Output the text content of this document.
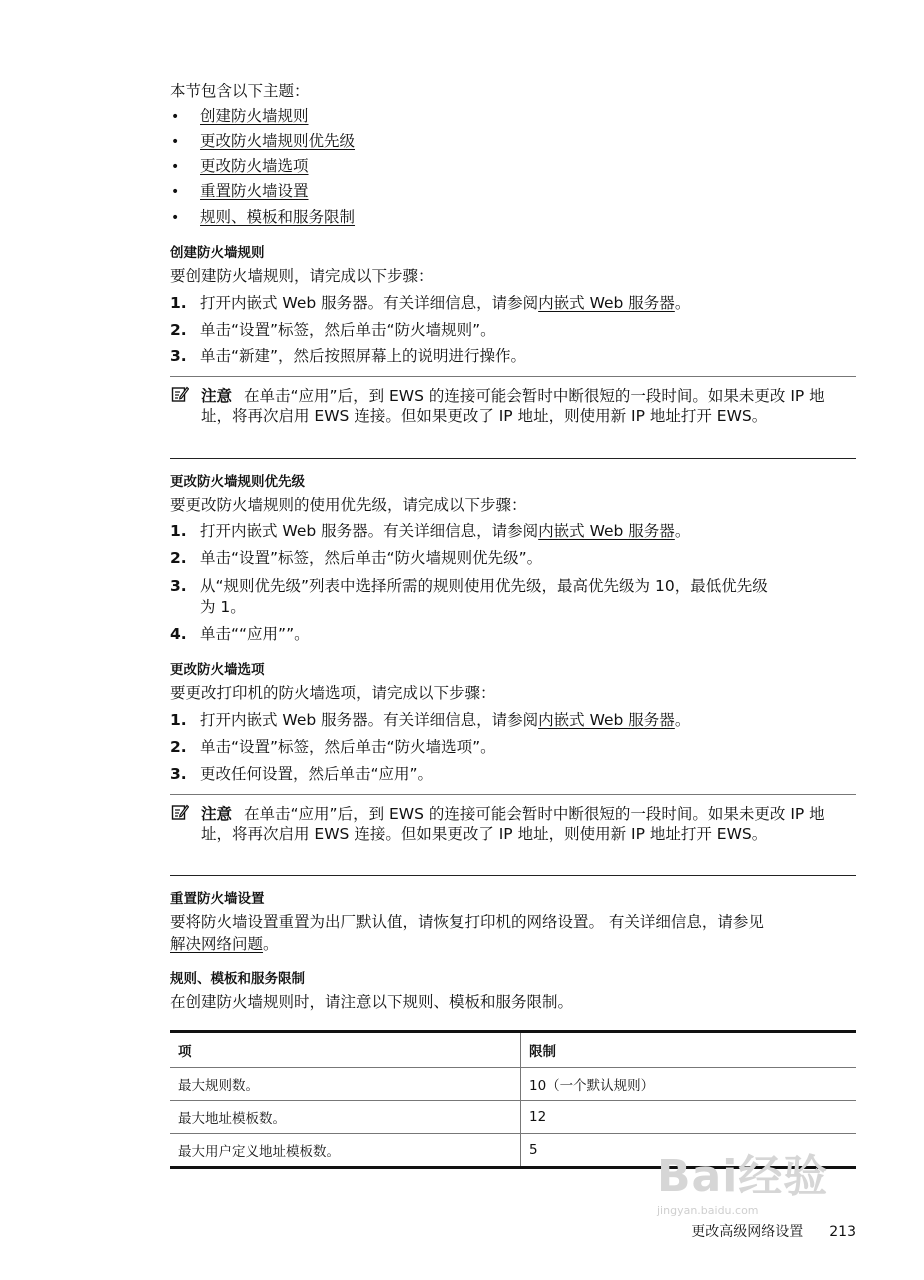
本节包含以下主题：
• 创建防火墙规则
• 更改防火墙规则优先级
• 更改防火墙选项
• 重置防火墙设置
• 规则、模板和服务限制
创建防火墙规则
要创建防火墙规则，请完成以下步骤：
1. 打开内嵌式 Web 服务器。有关详细信息，请参阅内嵌式 Web 服务器。
2. 单击“设置”标签，然后单击“防火墙规则”。
3. 单击“新建”，然后按照屏幕上的说明进行操作。
注意 在单击“应用”后，到 EWS 的连接可能会暂时中断很短的一段时间。如果未更改 IP 地址，将再次启用 EWS 连接。但如果更改了 IP 地址，则使用新 IP 地址打开 EWS。
更改防火墙规则优先级
要更改防火墙规则的使用优先级，请完成以下步骤：
1. 打开内嵌式 Web 服务器。有关详细信息，请参阅内嵌式 Web 服务器。
2. 单击“设置”标签，然后单击“防火墙规则优先级”。
3. 从“规则优先级”列表中选择所需的规则使用优先级，最高优先级为 10，最低优先级
为 1。
4. 单击““应用””。
更改防火墙选项
要更改打印机的防火墙选项，请完成以下步骤：
1. 打开内嵌式 Web 服务器。有关详细信息，请参阅内嵌式 Web 服务器。
2. 单击“设置”标签，然后单击“防火墙选项”。
3. 更改任何设置，然后单击“应用”。
注意 在单击“应用”后，到 EWS 的连接可能会暂时中断很短的一段时间。如果未更改 IP 地址，将再次启用 EWS 连接。但如果更改了 IP 地址，则使用新 IP 地址打开 EWS。
重置防火墙设置
要将防火墙设置重置为出厂默认值，请恢复打印机的网络设置。 有关详细信息，请参见
解决网络问题。
规则、模板和服务限制
在创建防火墙规则时，请注意以下规则、模板和服务限制。
项	限制
最大规则数。	10（一个默认规则）
最大地址模板数。	12
最大用户定义地址模板数。	5
Bai经验
jingyan.baidu.com
更改高级网络设置 213
